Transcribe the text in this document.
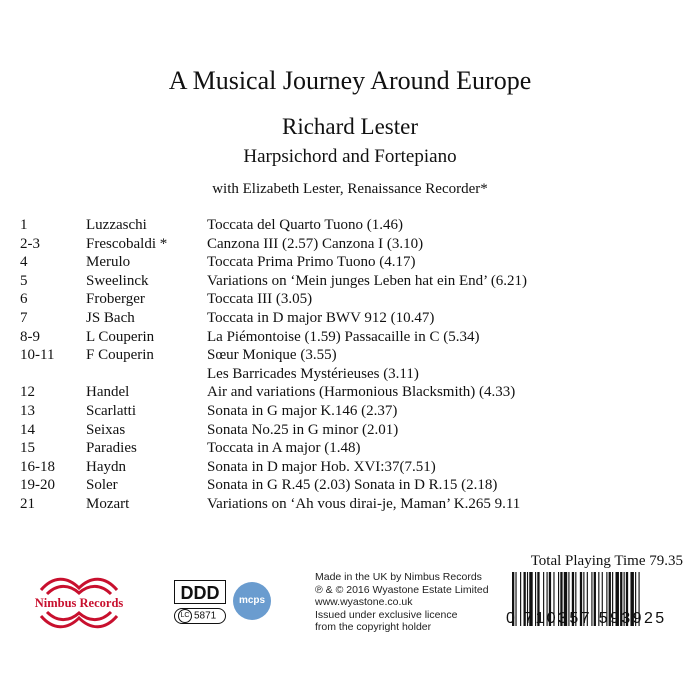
A Musical Journey Around Europe
Richard Lester
Harpsichord and Fortepiano
with Elizabeth Lester, Renaissance Recorder*
1	Luzzaschi	Toccata del Quarto Tuono (1.46)
2-3	Frescobaldi *	Canzona III (2.57) Canzona I (3.10)
4	Merulo	Toccata Prima Primo Tuono (4.17)
5	Sweelinck	Variations on ‘Mein junges Leben hat ein End’ (6.21)
6	Froberger	Toccata III (3.05)
7	JS Bach	Toccata in D major BWV 912 (10.47)
8-9	L Couperin	La Piémontoise (1.59) Passacaille in C (5.34)
10-11 F Couperin	Sœur Monique (3.55)
Les Barricades Mystérieuses (3.11)
12	Handel	Air and variations (Harmonious Blacksmith) (4.33)
13	Scarlatti	Sonata in G major K.146 (2.37)
14	Seixas	Sonata No.25 in G minor (2.01)
15	Paradies	Toccata in A major (1.48)
16-18 Haydn	Sonata in D major Hob. XVI:37(7.51)
19-20 Soler	Sonata in G R.45 (2.03) Sonata in D R.15 (2.18)
21	Mozart	Variations on ‘Ah vous dirai-je, Maman’ K.265 9.11
Total Playing Time 79.35
Nimbus Records	DDD
LC 5871
mcps
Made in the UK by Nimbus Records
℗ & © 2016 Wyastone Estate Limited
www.wyastone.co.uk
Issued under exclusive licence
from the copyright holder
0 710357 593925
